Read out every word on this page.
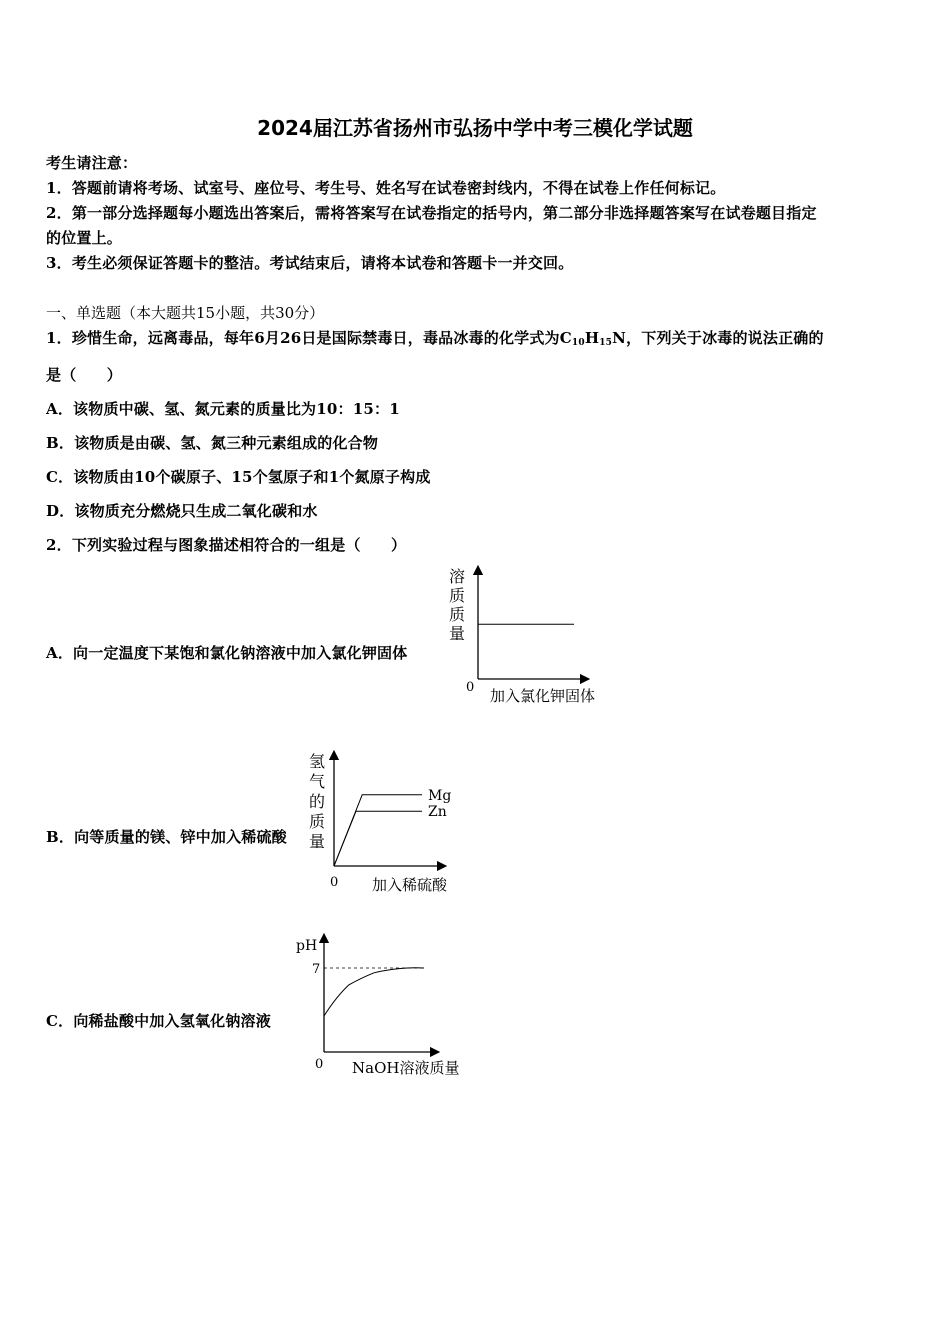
2024届江苏省扬州市弘扬中学中考三模化学试题
考生请注意：
1．答题前请将考场、试室号、座位号、考生号、姓名写在试卷密封线内，不得在试卷上作任何标记。
2．第一部分选择题每小题选出答案后，需将答案写在试卷指定的括号内，第二部分非选择题答案写在试卷题目指定
的位置上。
3．考生必须保证答题卡的整洁。考试结束后，请将本试卷和答题卡一并交回。
一、单选题（本大题共15小题，共30分）
1．珍惜生命，远离毒品，每年6月26日是国际禁毒日，毒品冰毒的化学式为$C_{10}H_{15}N$，下列关于冰毒的说法正确的
是（　　）
A．该物质中碳、氢、氮元素的质量比为10：15：1
B．该物质是由碳、氢、氮三种元素组成的化合物
C．该物质由10个碳原子、15个氢原子和1个氮原子构成
D．该物质充分燃烧只生成二氧化碳和水
2．下列实验过程与图象描述相符合的一组是（　　）
A．向一定温度下某饱和氯化钠溶液中加入氯化钾固体
B．向等质量的镁、锌中加入稀硫酸
C．向稀盐酸中加入氢氧化钠溶液
溶
质
质
量
0 加入氯化钾固体
氢
气
的
质
量
0 加入稀硫酸
Mg
Zn
pH
7
0 NaOH溶液质量
